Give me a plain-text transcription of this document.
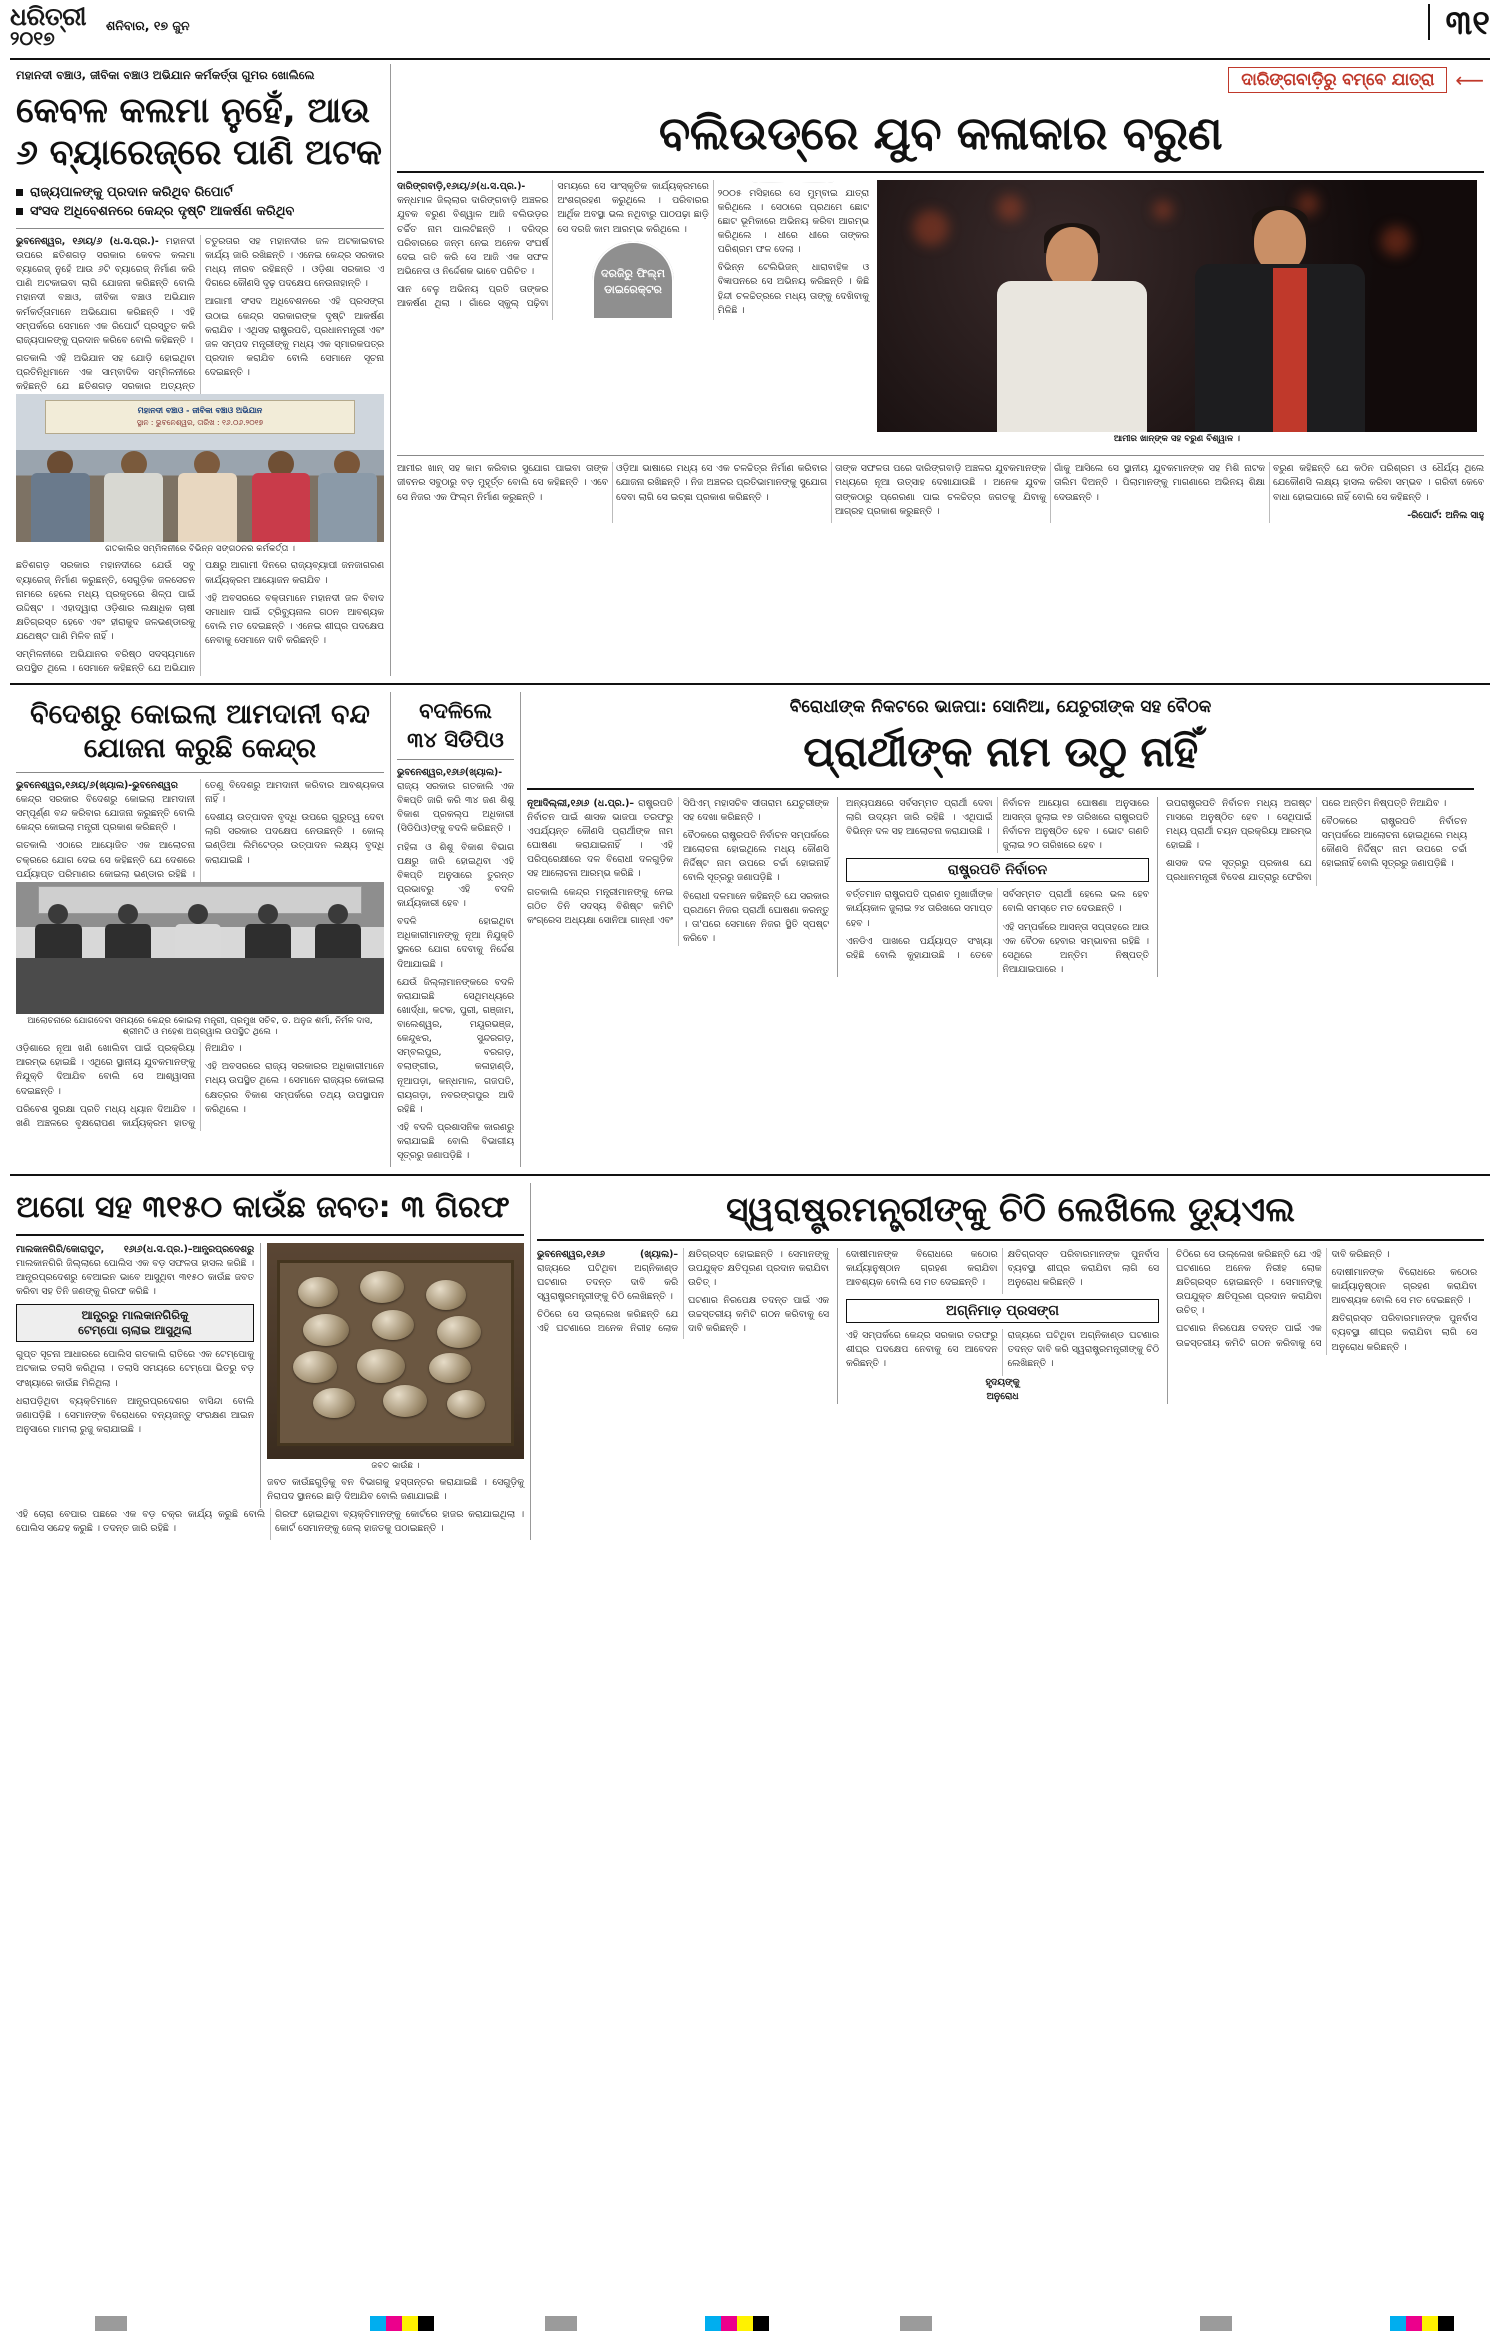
ଧରିତ୍ରୀ
୨୦୧୭
ଶନିବାର, ୧୭ ଜୁନ	୩୧
ମହାନଦୀ ବଞ୍ଚାଓ, ଜୀବିକା ବଞ୍ଚାଓ ଅଭିଯାନ କର୍ମକର୍ତ୍ତା ଗୁମର ଖୋଲିଲେ
କେବଳ କଲମା ନୁହେଁ, ଆଉ ୬ ବ୍ୟାରେଜ୍‌ରେ ପାଣି ଅଟକ
ରାଜ୍ୟପାଳଙ୍କୁ ପ୍ରଦାନ କରିଥିବ ରିପୋର୍ଟ
ସଂସଦ ଅଧିବେଶନରେ କେନ୍ଦ୍ର ଦୃଷ୍ଟି ଆକର୍ଷଣ କରିଥିବ

ଭୁବନେଶ୍ୱର, ୧୬ାୟ/୬ (ଧ.ସ.ପ୍ର.)- ମହାନଦୀ ଉପରେ ଛତିଶଗଡ଼ ସରକାର କେବଳ କଲମା ବ୍ୟାରେଜ୍ ନୁହେଁ ଆଉ ୬ଟି ବ୍ୟାରେଜ୍ ନିର୍ମାଣ କରି ପାଣି ଅଟକାଇବା ଲାଗି ଯୋଜନା କରିଛନ୍ତି ବୋଲି ମହାନଦୀ ବଞ୍ଚାଓ, ଜୀବିକା ବଞ୍ଚାଓ ଅଭିଯାନ କର୍ମକର୍ତ୍ତାମାନେ ଅଭିଯୋଗ କରିଛନ୍ତି । ଏହି ସମ୍ପର୍କରେ ସେମାନେ ଏକ ରିପୋର୍ଟ ପ୍ରସ୍ତୁତ କରି ରାଜ୍ୟପାଳଙ୍କୁ ପ୍ରଦାନ କରିବେ ବୋଲି କହିଛନ୍ତି ।

ଗତକାଲି ଏହି ଅଭିଯାନ ସହ ଯୋଡ଼ି ହୋଇଥିବା ପ୍ରତିନିଧିମାନେ ଏକ ସାମ୍ବାଦିକ ସମ୍ମିଳନୀରେ କହିଛନ୍ତି ଯେ ଛତିଶଗଡ଼ ସରକାର ଅତ୍ୟନ୍ତ ଚତୁରତାର ସହ ମହାନଦୀର ଜଳ ଅଟକାଇବାର କାର୍ଯ୍ୟ ଜାରି ରଖିଛନ୍ତି । ଏନେଇ କେନ୍ଦ୍ର ସରକାର ମଧ୍ୟ ନୀରବ ରହିଛନ୍ତି । ଓଡ଼ିଶା ସରକାର ଏ ଦିଗରେ କୌଣସି ଦୃଢ଼ ପଦକ୍ଷେପ ନେଉନାହାନ୍ତି ।

ଆଗାମୀ ସଂସଦ ଅଧିବେଶନରେ ଏହି ପ୍ରସଙ୍ଗ ଉଠାଇ କେନ୍ଦ୍ର ସରକାରଙ୍କ ଦୃଷ୍ଟି ଆକର୍ଷଣ କରାଯିବ । ଏଥିସହ ରାଷ୍ଟ୍ରପତି, ପ୍ରଧାନମନ୍ତ୍ରୀ ଏବଂ ଜଳ ସମ୍ପଦ ମନ୍ତ୍ରୀଙ୍କୁ ମଧ୍ୟ ଏକ ସ୍ମାରକପତ୍ର ପ୍ରଦାନ କରାଯିବ ବୋଲି ସେମାନେ ସୂଚନା ଦେଇଛନ୍ତି ।

ମହାନଦୀ ବଞ୍ଚାଓ - ଜୀବିକା ବଞ୍ଚାଓ ଅଭିଯାନ
ସ୍ଥାନ : ଭୁବନେଶ୍ୱର, ତାରିଖ : ୧୬.୦୬.୨୦୧୭
ଗତକାଲିର ସମ୍ମିଳନୀରେ ବିଭିନ୍ନ ସଙ୍ଗଠନର କର୍ମକର୍ତ୍ତା ।

ଛତିଶଗଡ଼ ସରକାର ମହାନଦୀରେ ଯେଉଁ ସବୁ ବ୍ୟାରେଜ୍ ନିର୍ମାଣ କରୁଛନ୍ତି, ସେଗୁଡ଼ିକ ଜଳସେଚନ ନାମରେ ହେଲେ ମଧ୍ୟ ପ୍ରକୃତରେ ଶିଳ୍ପ ପାଇଁ ଉଦ୍ଦିଷ୍ଟ । ଏହାଦ୍ୱାରା ଓଡ଼ିଶାର ଲକ୍ଷାଧିକ ଚାଷୀ କ୍ଷତିଗ୍ରସ୍ତ ହେବେ ଏବଂ ହୀରାକୁଦ ଜଳଭଣ୍ଡାରକୁ ଯଥେଷ୍ଟ ପାଣି ମିଳିବ ନାହିଁ ।

ସମ୍ମିଳନୀରେ ଅଭିଯାନର ବରିଷ୍ଠ ସଦସ୍ୟମାନେ ଉପସ୍ଥିତ ଥିଲେ । ସେମାନେ କହିଛନ୍ତି ଯେ ଅଭିଯାନ ପକ୍ଷରୁ ଆଗାମୀ ଦିନରେ ରାଜ୍ୟବ୍ୟାପୀ ଜନଜାଗରଣ କାର୍ଯ୍ୟକ୍ରମ ଆୟୋଜନ କରାଯିବ ।

ଏହି ଅବସରରେ ବକ୍ତାମାନେ ମହାନଦୀ ଜଳ ବିବାଦ ସମାଧାନ ପାଇଁ ଟ୍ରିବ୍ୟୁନାଲ ଗଠନ ଆବଶ୍ୟକ ବୋଲି ମତ ଦେଇଛନ୍ତି । ଏନେଇ ଶୀଘ୍ର ପଦକ୍ଷେପ ନେବାକୁ ସେମାନେ ଦାବି କରିଛନ୍ତି ।

ଦାରିଙ୍ଗବାଡ଼ିରୁ ବମ୍ବେ ଯାତ୍ରା	⟵
ବଲିଉଡ୍‌ରେ ଯୁବ କଳାକାର ବରୁଣ

ଦାରିଙ୍ଗବାଡ଼ି,୧୬ାୟ/୬(ଧ.ସ.ପ୍ର.)- କନ୍ଧମାଳ ଜିଲ୍ଲାର ଦାରିଙ୍ଗବାଡ଼ି ଅଞ୍ଚଳର ଯୁବକ ବରୁଣ ବିଶ୍ୱାଳ ଆଜି ବଲିଉଡ଼ର ଚର୍ଚ୍ଚିତ ନାମ ପାଲଟିଛନ୍ତି । ଦରିଦ୍ର ପରିବାରରେ ଜନ୍ମ ନେଇ ଅନେକ ସଂଘର୍ଷ ଦେଇ ଗତି କରି ସେ ଆଜି ଏକ ସଫଳ ଅଭିନେତା ଓ ନିର୍ଦ୍ଦେଶକ ଭାବେ ପରିଚିତ ।

ସାନ ବେଳୁ ଅଭିନୟ ପ୍ରତି ତାଙ୍କର ଆକର୍ଷଣ ଥିଲା । ଗାଁରେ ସ୍କୁଲ୍ ପଢ଼ିବା ସମୟରେ ସେ ସାଂସ୍କୃତିକ କାର୍ଯ୍ୟକ୍ରମରେ ଅଂଶଗ୍ରହଣ କରୁଥିଲେ । ପରିବାରର ଆର୍ଥିକ ଅବସ୍ଥା ଭଲ ନଥିବାରୁ ପାଠପଢ଼ା ଛାଡ଼ି ସେ ଦରଜି କାମ ଆରମ୍ଭ କରିଥିଲେ ।

ଦରଜିରୁ ଫିଲ୍ମ ଡାଇରେକ୍ଟର

୨୦୦୫ ମସିହାରେ ସେ ମୁମ୍ବାଇ ଯାତ୍ରା କରିଥିଲେ । ସେଠାରେ ପ୍ରଥମେ ଛୋଟ ଛୋଟ ଭୂମିକାରେ ଅଭିନୟ କରିବା ଆରମ୍ଭ କରିଥିଲେ । ଧୀରେ ଧୀରେ ତାଙ୍କର ପରିଶ୍ରମ ଫଳ ଦେଲା ।

ବିଭିନ୍ନ ଟେଲିଭିଜନ୍ ଧାରାବାହିକ ଓ ବିଜ୍ଞାପନରେ ସେ ଅଭିନୟ କରିଛନ୍ତି । କିଛି ହିନ୍ଦୀ ଚଳଚ୍ଚିତ୍ରରେ ମଧ୍ୟ ତାଙ୍କୁ ଦେଖିବାକୁ ମିଳିଛି ।

ଆମୀର ଖାନ୍‌ଙ୍କ ସହ ବରୁଣ ବିଶ୍ୱାଳ ।

ଆମୀର ଖାନ୍ ସହ କାମ କରିବାର ସୁଯୋଗ ପାଇବା ତାଙ୍କ ଜୀବନର ସବୁଠାରୁ ବଡ଼ ମୁହୂର୍ତ୍ତ ବୋଲି ସେ କହିଛନ୍ତି । ଏବେ ସେ ନିଜର ଏକ ଫିଲ୍ମ ନିର୍ମାଣ କରୁଛନ୍ତି ।

ଓଡ଼ିଆ ଭାଷାରେ ମଧ୍ୟ ସେ ଏକ ଚଳଚ୍ଚିତ୍ର ନିର୍ମାଣ କରିବାର ଯୋଜନା ରଖିଛନ୍ତି । ନିଜ ଅଞ୍ଚଳର ପ୍ରତିଭାମାନଙ୍କୁ ସୁଯୋଗ ଦେବା ଲାଗି ସେ ଇଚ୍ଛା ପ୍ରକାଶ କରିଛନ୍ତି ।

ତାଙ୍କ ସଫଳତା ପରେ ଦାରିଙ୍ଗବାଡ଼ି ଅଞ୍ଚଳର ଯୁବକମାନଙ୍କ ମଧ୍ୟରେ ନୂଆ ଉତ୍ସାହ ଦେଖାଯାଉଛି । ଅନେକ ଯୁବକ ତାଙ୍କଠାରୁ ପ୍ରେରଣା ପାଇ ଚଳଚ୍ଚିତ୍ର ଜଗତକୁ ଯିବାକୁ ଆଗ୍ରହ ପ୍ରକାଶ କରୁଛନ୍ତି ।

ଗାଁକୁ ଆସିଲେ ସେ ସ୍ଥାନୀୟ ଯୁବକମାନଙ୍କ ସହ ମିଶି ନାଟକ ତାଲିମ ଦିଅନ୍ତି । ପିଲାମାନଙ୍କୁ ମାଗଣାରେ ଅଭିନୟ ଶିକ୍ଷା ଦେଉଛନ୍ତି ।

ବରୁଣ କହିଛନ୍ତି ଯେ କଠିନ ପରିଶ୍ରମ ଓ ଧୈର୍ଯ୍ୟ ଥିଲେ ଯେକୌଣସି ଲକ୍ଷ୍ୟ ହାସଲ କରିବା ସମ୍ଭବ । ଗରିବୀ କେବେ ବାଧା ହୋଇପାରେ ନାହିଁ ବୋଲି ସେ କହିଛନ୍ତି ।

-ରିପୋର୍ଟ: ଅନିଲ ସାହୁ

ବିଦେଶରୁ କୋଇଲା ଆମଦାନୀ ବନ୍ଦ ଯୋଜନା କରୁଛି କେନ୍ଦ୍ର

ଭୁବନେଶ୍ୱର,୧୬ାୟ/୬(ଖ୍ୟାଲ)-ଭୁବନେଶ୍ୱର କେନ୍ଦ୍ର ସରକାର ବିଦେଶରୁ କୋଇଲା ଆମଦାନୀ ସମ୍ପୂର୍ଣ୍ଣ ବନ୍ଦ କରିବାର ଯୋଜନା କରୁଛନ୍ତି ବୋଲି କେନ୍ଦ୍ର କୋଇଲା ମନ୍ତ୍ରୀ ପ୍ରକାଶ କରିଛନ୍ତି ।

ଗତକାଲି ଏଠାରେ ଆୟୋଜିତ ଏକ ଆଲୋଚନା ଚକ୍ରରେ ଯୋଗ ଦେଇ ସେ କହିଛନ୍ତି ଯେ ଦେଶରେ ପର୍ଯ୍ୟାପ୍ତ ପରିମାଣର କୋଇଲା ଭଣ୍ଡାର ରହିଛି । ତେଣୁ ବିଦେଶରୁ ଆମଦାନୀ କରିବାର ଆବଶ୍ୟକତା ନାହିଁ ।

ଦେଶୀୟ ଉତ୍ପାଦନ ବୃଦ୍ଧି ଉପରେ ଗୁରୁତ୍ୱ ଦେବା ଲାଗି ସରକାର ପଦକ୍ଷେପ ନେଉଛନ୍ତି । କୋଲ୍ ଇଣ୍ଡିଆ ଲିମିଟେଡ୍‌ର ଉତ୍ପାଦନ ଲକ୍ଷ୍ୟ ବୃଦ୍ଧି କରାଯାଇଛି ।

ଆଲୋଚନାରେ ଯୋଗଦେବା ସମୟରେ କେନ୍ଦ୍ର କୋଇଲା ମନ୍ତ୍ରୀ, ପ୍ରମୁଖ ସଚିବ, ଡ. ଅନୁଜ ଶର୍ମା, ନିର୍ମଳ ଦାସ, ଶ୍ରୀମତି ଓ ମହେଶ ଅଗ୍ରୱାଲ ଉପସ୍ଥିତ ଥିଲେ ।

ଓଡ଼ିଶାରେ ନୂଆ ଖଣି ଖୋଲିବା ପାଇଁ ପ୍ରକ୍ରିୟା ଆରମ୍ଭ ହୋଇଛି । ଏଥିରେ ସ୍ଥାନୀୟ ଯୁବକମାନଙ୍କୁ ନିଯୁକ୍ତି ଦିଆଯିବ ବୋଲି ସେ ଆଶ୍ୱାସନା ଦେଇଛନ୍ତି ।

ପରିବେଶ ସୁରକ୍ଷା ପ୍ରତି ମଧ୍ୟ ଧ୍ୟାନ ଦିଆଯିବ । ଖଣି ଅଞ୍ଚଳରେ ବୃକ୍ଷରୋପଣ କାର୍ଯ୍ୟକ୍ରମ ହାତକୁ ନିଆଯିବ ।

ଏହି ଅବସରରେ ରାଜ୍ୟ ସରକାରର ଅଧିକାରୀମାନେ ମଧ୍ୟ ଉପସ୍ଥିତ ଥିଲେ । ସେମାନେ ରାଜ୍ୟର କୋଇଲା କ୍ଷେତ୍ରର ବିକାଶ ସମ୍ପର୍କରେ ତଥ୍ୟ ଉପସ୍ଥାପନ କରିଥିଲେ ।

ବଦଳିଲେ
୩୪ ସିଡିପିଓ

ଭୁବନେଶ୍ୱର,୧୬ା୬(ଖ୍ୟାଲ)- ରାଜ୍ୟ ସରକାର ଗତକାଲି ଏକ ବିଜ୍ଞପ୍ତି ଜାରି କରି ୩୪ ଜଣ ଶିଶୁ ବିକାଶ ପ୍ରକଲ୍ପ ଅଧିକାରୀ (ସିଡିପିଓ)ଙ୍କୁ ବଦଳି କରିଛନ୍ତି ।

ମହିଳା ଓ ଶିଶୁ ବିକାଶ ବିଭାଗ ପକ୍ଷରୁ ଜାରି ହୋଇଥିବା ଏହି ବିଜ୍ଞପ୍ତି ଅନୁସାରେ ତୁରନ୍ତ ପ୍ରଭାବରୁ ଏହି ବଦଳି କାର୍ଯ୍ୟକାରୀ ହେବ ।

ବଦଳି ହୋଇଥିବା ଅଧିକାରୀମାନଙ୍କୁ ନୂଆ ନିଯୁକ୍ତି ସ୍ଥଳରେ ଯୋଗ ଦେବାକୁ ନିର୍ଦ୍ଦେଶ ଦିଆଯାଇଛି ।

ଯେଉଁ ଜିଲ୍ଲାମାନଙ୍କରେ ବଦଳି କରାଯାଇଛି ସେଥିମଧ୍ୟରେ ଖୋର୍ଦ୍ଧା, କଟକ, ପୁରୀ, ଗଞ୍ଜାମ, ବାଲେଶ୍ୱର, ମୟୂରଭଞ୍ଜ, କେନ୍ଦୁଝର, ସୁନ୍ଦରଗଡ଼, ସମ୍ବଲପୁର, ବରଗଡ଼, ବଲାଙ୍ଗୀର, କଳାହାଣ୍ଡି, ନୂଆପଡ଼ା, କନ୍ଧମାଳ, ଗଜପତି, ରାୟଗଡ଼ା, ନବରଙ୍ଗପୁର ଆଦି ରହିଛି ।

ଏହି ବଦଳି ପ୍ରଶାସନିକ କାରଣରୁ କରାଯାଇଛି ବୋଲି ବିଭାଗୀୟ ସୂତ୍ରରୁ ଜଣାପଡ଼ିଛି ।

ବିରୋଧୀଙ୍କ ନିକଟରେ ଭାଜପା: ସୋନିଆ, ଯେଚୁରୀଙ୍କ ସହ ବୈଠକ
ପ୍ରାର୍ଥୀଙ୍କ ନାମ ଉଠୁ ନାହିଁ

ନୂଆଦିଲ୍ଲୀ,୧୬ା୬ (ଧ.ପ୍ର.)– ରାଷ୍ଟ୍ରପତି ନିର୍ବାଚନ ପାଇଁ ଶାସକ ଭାଜପା ତରଫରୁ ଏପର୍ଯ୍ୟନ୍ତ କୌଣସି ପ୍ରାର୍ଥୀଙ୍କ ନାମ ଘୋଷଣା କରାଯାଇନାହିଁ । ଏହି ପରିପ୍ରେକ୍ଷୀରେ ଦଳ ବିରୋଧୀ ଦଳଗୁଡ଼ିକ ସହ ଆଲୋଚନା ଆରମ୍ଭ କରିଛି ।

ଗତକାଲି କେନ୍ଦ୍ର ମନ୍ତ୍ରୀମାନଙ୍କୁ ନେଇ ଗଠିତ ତିନି ସଦସ୍ୟ ବିଶିଷ୍ଟ କମିଟି କଂଗ୍ରେସ ଅଧ୍ୟକ୍ଷା ସୋନିଆ ଗାନ୍ଧୀ ଏବଂ ସିପିଏମ୍ ମହାସଚିବ ସୀତାରାମ ଯେଚୁରୀଙ୍କ ସହ ଦେଖା କରିଛନ୍ତି ।

ବୈଠକରେ ରାଷ୍ଟ୍ରପତି ନିର୍ବାଚନ ସମ୍ପର୍କରେ ଆଲୋଚନା ହୋଇଥିଲେ ମଧ୍ୟ କୌଣସି ନିର୍ଦ୍ଦିଷ୍ଟ ନାମ ଉପରେ ଚର୍ଚ୍ଚା ହୋଇନାହିଁ ବୋଲି ସୂତ୍ରରୁ ଜଣାପଡ଼ିଛି ।

ବିରୋଧୀ ଦଳମାନେ କହିଛନ୍ତି ଯେ ସରକାର ପ୍ରଥମେ ନିଜର ପ୍ରାର୍ଥୀ ଘୋଷଣା କରନ୍ତୁ । ତା'ପରେ ସେମାନେ ନିଜର ସ୍ଥିତି ସ୍ପଷ୍ଟ କରିବେ ।

ଅନ୍ୟପକ୍ଷରେ ସର୍ବସମ୍ମତ ପ୍ରାର୍ଥୀ ଦେବା ଲାଗି ଉଦ୍ୟମ ଜାରି ରହିଛି । ଏଥିପାଇଁ ବିଭିନ୍ନ ଦଳ ସହ ଆଲୋଚନା କରାଯାଉଛି ।

ନିର୍ବାଚନ ଆୟୋଗ ଘୋଷଣା ଅନୁସାରେ ଆସନ୍ତା ଜୁଲାଇ ୧୭ ତାରିଖରେ ରାଷ୍ଟ୍ରପତି ନିର୍ବାଚନ ଅନୁଷ୍ଠିତ ହେବ । ଭୋଟ ଗଣତି ଜୁଲାଇ ୨୦ ତାରିଖରେ ହେବ ।

ରାଷ୍ଟ୍ରପତି ନିର୍ବାଚନ

ବର୍ତ୍ତମାନ ରାଷ୍ଟ୍ରପତି ପ୍ରଣବ ମୁଖାର୍ଜୀଙ୍କ କାର୍ଯ୍ୟକାଳ ଜୁଲାଇ ୨୪ ତାରିଖରେ ସମାପ୍ତ ହେବ ।

ଏନଡିଏ ପାଖରେ ପର୍ଯ୍ୟାପ୍ତ ସଂଖ୍ୟା ରହିଛି ବୋଲି କୁହାଯାଉଛି । ତେବେ ସର୍ବସମ୍ମତ ପ୍ରାର୍ଥୀ ହେଲେ ଭଲ ହେବ ବୋଲି ସମସ୍ତେ ମତ ଦେଉଛନ୍ତି ।

ଏହି ସମ୍ପର୍କରେ ଆସନ୍ତା ସପ୍ତାହରେ ଆଉ ଏକ ବୈଠକ ହେବାର ସମ୍ଭାବନା ରହିଛି । ସେଥିରେ ଅନ୍ତିମ ନିଷ୍ପତ୍ତି ନିଆଯାଇପାରେ ।

ଉପରାଷ୍ଟ୍ରପତି ନିର୍ବାଚନ ମଧ୍ୟ ଅଗଷ୍ଟ ମାସରେ ଅନୁଷ୍ଠିତ ହେବ । ସେଥିପାଇଁ ମଧ୍ୟ ପ୍ରାର୍ଥୀ ଚୟନ ପ୍ରକ୍ରିୟା ଆରମ୍ଭ ହୋଇଛି ।

ଶାସକ ଦଳ ସୂତ୍ରରୁ ପ୍ରକାଶ ଯେ ପ୍ରଧାନମନ୍ତ୍ରୀ ବିଦେଶ ଯାତ୍ରାରୁ ଫେରିବା ପରେ ଅନ୍ତିମ ନିଷ୍ପତ୍ତି ନିଆଯିବ ।

ବୈଠକରେ ରାଷ୍ଟ୍ରପତି ନିର୍ବାଚନ ସମ୍ପର୍କରେ ଆଲୋଚନା ହୋଇଥିଲେ ମଧ୍ୟ କୌଣସି ନିର୍ଦ୍ଦିଷ୍ଟ ନାମ ଉପରେ ଚର୍ଚ୍ଚା ହୋଇନାହିଁ ବୋଲି ସୂତ୍ରରୁ ଜଣାପଡ଼ିଛି ।

ଅଗୋ ସହ ୩୧୫୦ କାଉଁଛ ଜବତ: ୩ ଗିରଫ

ମାଲକାନଗିରି/କୋରାପୁଟ, ୧୬ା୬(ଧ.ସ.ପ୍ର.)–ଆନ୍ଧ୍ରପ୍ରଦେଶରୁ ମାଲକାନଗିରି ଜିଲ୍ଲାରେ ପୋଲିସ ଏକ ବଡ଼ ସଫଳତା ହାସଲ କରିଛି । ଆନ୍ଧ୍ରପ୍ରଦେଶରୁ ବେଆଇନ ଭାବେ ଆସୁଥିବା ୩୧୫୦ କାଉଁଛ ଜବତ କରିବା ସହ ତିନି ଜଣଙ୍କୁ ଗିରଫ କରିଛି ।

ଆନ୍ଧ୍ରରୁ ମାଲକାନଗିରିକୁ
ଟେମ୍ପୋ ଚାଲାଇ ଆସୁଥିଲା

ଗୁପ୍ତ ସୂଚନା ଆଧାରରେ ପୋଲିସ ଗତକାଲି ରାତିରେ ଏକ ଟେମ୍ପୋକୁ ଅଟକାଇ ତଲାସି କରିଥିଲା । ତଲାସି ସମୟରେ ଟେମ୍ପୋ ଭିତରୁ ବଡ଼ ସଂଖ୍ୟାରେ କାଉଁଛ ମିଳିଥିଲା ।

ଧରାପଡ଼ିଥିବା ବ୍ୟକ୍ତିମାନେ ଆନ୍ଧ୍ରପ୍ରଦେଶର ବାସିନ୍ଦା ବୋଲି ଜଣାପଡ଼ିଛି । ସେମାନଙ୍କ ବିରୋଧରେ ବନ୍ୟଜନ୍ତୁ ସଂରକ୍ଷଣ ଆଇନ ଅନୁସାରେ ମାମଲା ରୁଜୁ କରାଯାଇଛି ।

ଜବତ କାଉଁଛ ।

ଜବତ କାଉଁଛଗୁଡ଼ିକୁ ବନ ବିଭାଗକୁ ହସ୍ତାନ୍ତର କରାଯାଇଛି । ସେଗୁଡ଼ିକୁ ନିରାପଦ ସ୍ଥାନରେ ଛାଡ଼ି ଦିଆଯିବ ବୋଲି ଜଣାଯାଇଛି ।

ଏହି ଚୋରା ବେପାର ପଛରେ ଏକ ବଡ଼ ଚକ୍ର କାର୍ଯ୍ୟ କରୁଛି ବୋଲି ପୋଲିସ ସନ୍ଦେହ କରୁଛି । ତଦନ୍ତ ଜାରି ରହିଛି ।

ଗିରଫ ହୋଇଥିବା ବ୍ୟକ୍ତିମାନଙ୍କୁ କୋର୍ଟରେ ହାଜର କରାଯାଇଥିଲା । କୋର୍ଟ ସେମାନଙ୍କୁ ଜେଲ୍ ହାଜତକୁ ପଠାଇଛନ୍ତି ।

ସ୍ୱରାଷ୍ଟ୍ରମନ୍ତ୍ରୀଙ୍କୁ ଚିଠି ଲେଖିଲେ ଡ୍ୟୁଏଲ

ଭୁବନେଶ୍ୱର,୧୬ା୬ (ଖ୍ୟାଲ)– ରାଜ୍ୟରେ ଘଟିଥିବା ଅଗ୍ନିକାଣ୍ଡ ଘଟଣାର ତଦନ୍ତ ଦାବି କରି ସ୍ୱରାଷ୍ଟ୍ରମନ୍ତ୍ରୀଙ୍କୁ ଚିଠି ଲେଖିଛନ୍ତି ।

ଚିଠିରେ ସେ ଉଲ୍ଲେଖ କରିଛନ୍ତି ଯେ ଏହି ଘଟଣାରେ ଅନେକ ନିରୀହ ଲୋକ କ୍ଷତିଗ୍ରସ୍ତ ହୋଇଛନ୍ତି । ସେମାନଙ୍କୁ ଉପଯୁକ୍ତ କ୍ଷତିପୂରଣ ପ୍ରଦାନ କରାଯିବା ଉଚିତ୍ ।

ଘଟଣାର ନିରପେକ୍ଷ ତଦନ୍ତ ପାଇଁ ଏକ ଉଚ୍ଚସ୍ତରୀୟ କମିଟି ଗଠନ କରିବାକୁ ସେ ଦାବି କରିଛନ୍ତି ।

ଦୋଷୀମାନଙ୍କ ବିରୋଧରେ କଠୋର କାର୍ଯ୍ୟାନୁଷ୍ଠାନ ଗ୍ରହଣ କରାଯିବା ଆବଶ୍ୟକ ବୋଲି ସେ ମତ ଦେଇଛନ୍ତି ।

କ୍ଷତିଗ୍ରସ୍ତ ପରିବାରମାନଙ୍କ ପୁନର୍ବାସ ବ୍ୟବସ୍ଥା ଶୀଘ୍ର କରାଯିବା ଲାଗି ସେ ଅନୁରୋଧ କରିଛନ୍ତି ।

ଅଗ୍ନିମାଡ଼ ପ୍ରସଙ୍ଗ

ଏହି ସମ୍ପର୍କରେ କେନ୍ଦ୍ର ସରକାର ତରଫରୁ ଶୀଘ୍ର ପଦକ୍ଷେପ ନେବାକୁ ସେ ଆବେଦନ କରିଛନ୍ତି ।

ରାଜ୍ୟରେ ଘଟିଥିବା ଅଗ୍ନିକାଣ୍ଡ ଘଟଣାର ତଦନ୍ତ ଦାବି କରି ସ୍ୱରାଷ୍ଟ୍ରମନ୍ତ୍ରୀଙ୍କୁ ଚିଠି ଲେଖିଛନ୍ତି ।

ହୃଦୟଙ୍କୁ
ଅନୁରୋଧ

ଚିଠିରେ ସେ ଉଲ୍ଲେଖ କରିଛନ୍ତି ଯେ ଏହି ଘଟଣାରେ ଅନେକ ନିରୀହ ଲୋକ କ୍ଷତିଗ୍ରସ୍ତ ହୋଇଛନ୍ତି । ସେମାନଙ୍କୁ ଉପଯୁକ୍ତ କ୍ଷତିପୂରଣ ପ୍ରଦାନ କରାଯିବା ଉଚିତ୍ ।

ଘଟଣାର ନିରପେକ୍ଷ ତଦନ୍ତ ପାଇଁ ଏକ ଉଚ୍ଚସ୍ତରୀୟ କମିଟି ଗଠନ କରିବାକୁ ସେ ଦାବି କରିଛନ୍ତି ।

ଦୋଷୀମାନଙ୍କ ବିରୋଧରେ କଠୋର କାର୍ଯ୍ୟାନୁଷ୍ଠାନ ଗ୍ରହଣ କରାଯିବା ଆବଶ୍ୟକ ବୋଲି ସେ ମତ ଦେଇଛନ୍ତି ।

କ୍ଷତିଗ୍ରସ୍ତ ପରିବାରମାନଙ୍କ ପୁନର୍ବାସ ବ୍ୟବସ୍ଥା ଶୀଘ୍ର କରାଯିବା ଲାଗି ସେ ଅନୁରୋଧ କରିଛନ୍ତି ।
